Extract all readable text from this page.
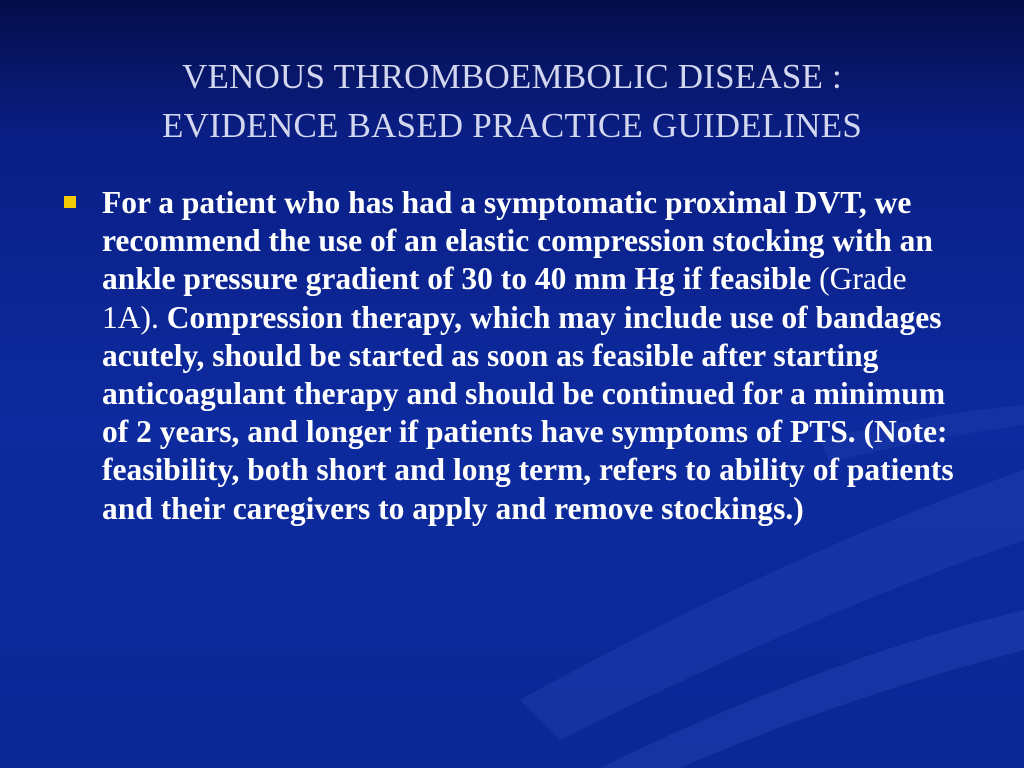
VENOUS THROMBOEMBOLIC DISEASE :
EVIDENCE BASED PRACTICE GUIDELINES
For a patient who has had a symptomatic proximal DVT, we recommend the use of an elastic compression stocking with an ankle pressure gradient of 30 to 40 mm Hg if feasible (Grade 1A). Compression therapy, which may include use of bandages acutely, should be started as soon as feasible after starting anticoagulant therapy and should be continued for a minimum of 2 years, and longer if patients have symptoms of PTS. (Note: feasibility, both short and long term, refers to ability of patients and their caregivers to apply and remove stockings.)
